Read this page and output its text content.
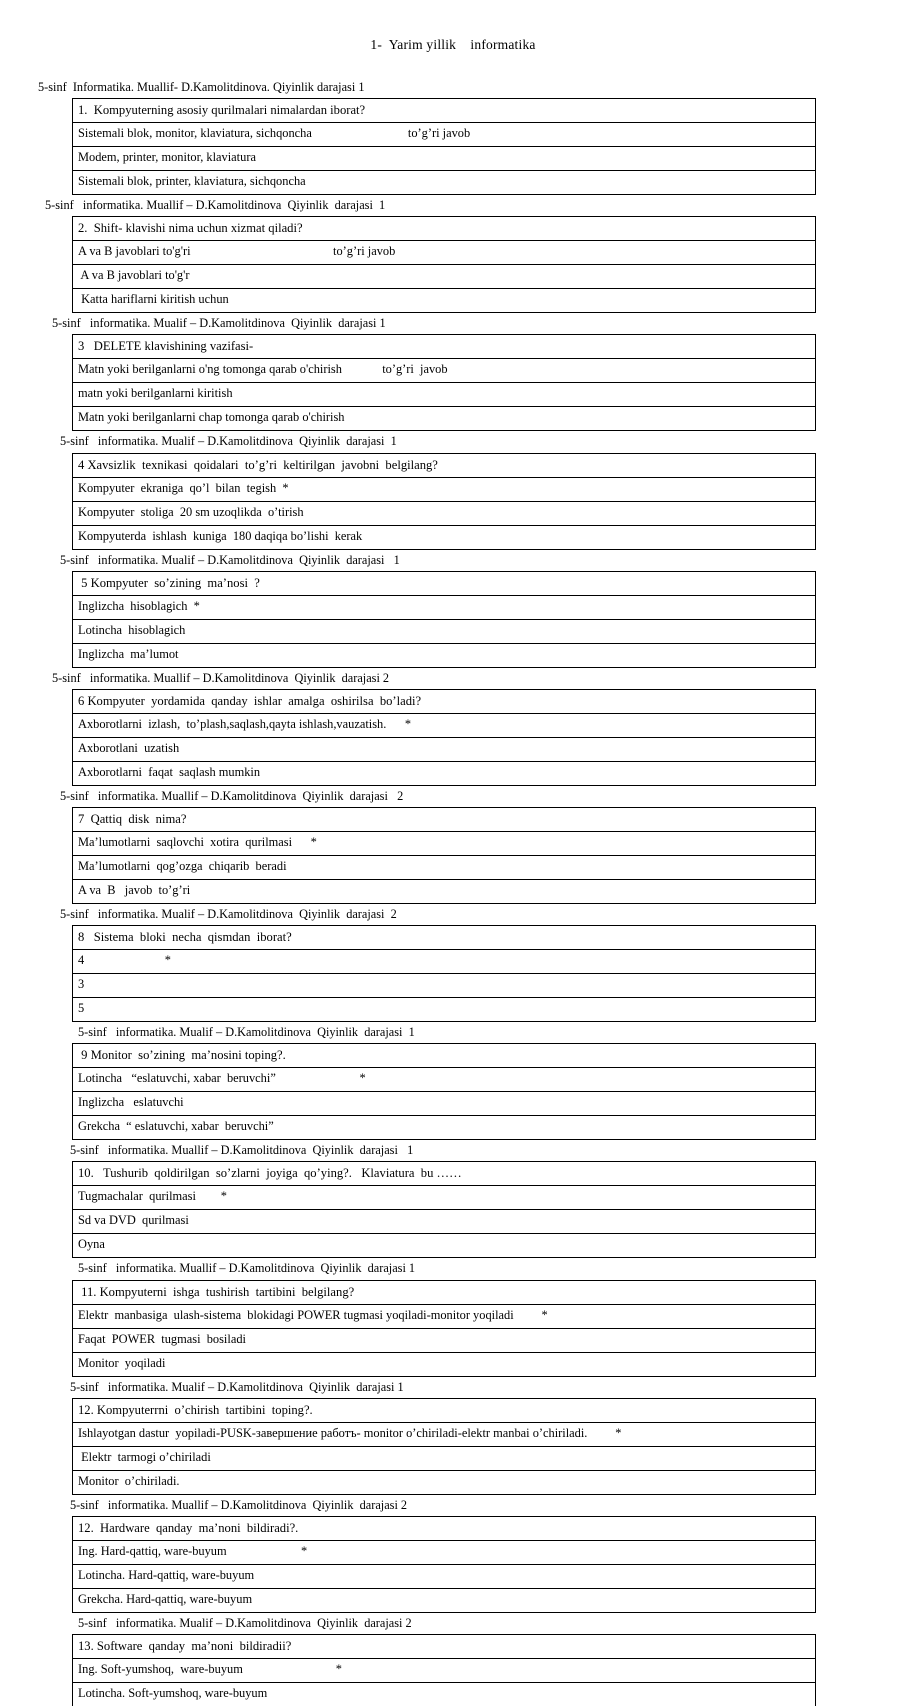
1-  Yarim yillik    informatika
5-sinf  Informatika. Muallif- D.Kamolitdinova. Qiyinlik darajasi 1
1.  Kompyuterning asosiy qurilmalari nimalardan iborat?
Sistemali blok, monitor, klaviatura, sichqoncha                               to’g’ri javob
Modem, printer, monitor, klaviatura
Sistemali blok, printer, klaviatura, sichqoncha
5-sinf   informatika. Muallif – D.Kamolitdinova  Qiyinlik  darajasi  1
2.  Shift- klavishi nima uchun xizmat qiladi?
A va B javoblari to'g'ri                                              to’g’ri javob
A va B javoblari to'g'r
Katta hariflarni kiritish uchun
5-sinf   informatika. Mualif – D.Kamolitdinova  Qiyinlik  darajasi 1
3   DELETE klavishining vazifasi-
Matn yoki berilganlarni o'ng tomonga qarab o'chirish             to’g’ri  javob
matn yoki berilganlarni kiritish
Matn yoki berilganlarni chap tomonga qarab o'chirish
5-sinf   informatika. Mualif – D.Kamolitdinova  Qiyinlik  darajasi  1
4 Xavsizlik  texnikasi  qoidalari  to’g’ri  keltirilgan  javobni  belgilang?
Kompyuter  ekraniga  qo’l  bilan  tegish  *
Kompyuter  stoliga  20 sm uzoqlikda  o’tirish
Kompyuterda  ishlash  kuniga  180 daqiqa bo’lishi  kerak
5-sinf   informatika. Mualif – D.Kamolitdinova  Qiyinlik  darajasi   1
5 Kompyuter  so’zining  ma’nosi  ?
Inglizcha  hisoblagich  *
Lotincha  hisoblagich
Inglizcha  ma’lumot
5-sinf   informatika. Muallif – D.Kamolitdinova  Qiyinlik  darajasi 2
6 Kompyuter  yordamida  qanday  ishlar  amalga  oshirilsa  bo’ladi?
Axborotlarni  izlash,  to’plash,saqlash,qayta ishlash,vauzatish.      *
Axborotlani  uzatish
Axborotlarni  faqat  saqlash mumkin
5-sinf   informatika. Muallif – D.Kamolitdinova  Qiyinlik  darajasi   2
7  Qattiq  disk  nima?
Ma’lumotlarni  saqlovchi  xotira  qurilmasi      *
Ma’lumotlarni  qog’ozga  chiqarib  beradi
A va  B   javob  to’g’ri
5-sinf   informatika. Mualif – D.Kamolitdinova  Qiyinlik  darajasi  2
8   Sistema  bloki  necha  qismdan  iborat?
4                          *
3
5
5-sinf   informatika. Mualif – D.Kamolitdinova  Qiyinlik  darajasi  1
9 Monitor  so’zining  ma’nosini toping?.
Lotincha   “eslatuvchi, xabar  beruvchi”                           *
Inglizcha   eslatuvchi
Grekcha  “ eslatuvchi, xabar  beruvchi”
5-sinf   informatika. Muallif – D.Kamolitdinova  Qiyinlik  darajasi   1
10.   Tushurib  qoldirilgan  so’zlarni  joyiga  qo’ying?.   Klaviatura  bu ……
Tugmachalar  qurilmasi        *
Sd va DVD  qurilmasi
Oyna
5-sinf   informatika. Muallif – D.Kamolitdinova  Qiyinlik  darajasi 1
11. Kompyuterni  ishga  tushirish  tartibini  belgilang?
Elektr  manbasiga  ulash-sistema  blokidagi POWER tugmasi yoqiladi-monitor yoqiladi         *
Faqat  POWER  tugmasi  bosiladi
Monitor  yoqiladi
5-sinf   informatika. Mualif – D.Kamolitdinova  Qiyinlik  darajasi 1
12. Kompyuterrni  o’chirish  tartibini  toping?.
Ishlayotgan dastur  yopiladi-PUSK-завершение работъ- monitor o’chiriladi-elektr manbai o’chiriladi.         *
Elektr  tarmogi o’chiriladi
Monitor  o’chiriladi.
5-sinf   informatika. Muallif – D.Kamolitdinova  Qiyinlik  darajasi 2
12.  Hardware  qanday  ma’noni  bildiradi?.
Ing. Hard-qattiq, ware-buyum                        *
Lotincha. Hard-qattiq, ware-buyum
Grekcha. Hard-qattiq, ware-buyum
5-sinf   informatika. Mualif – D.Kamolitdinova  Qiyinlik  darajasi 2
13. Software  qanday  ma’noni  bildiradii?
Ing. Soft-yumshoq,  ware-buyum                              *
Lotincha. Soft-yumshoq, ware-buyum
